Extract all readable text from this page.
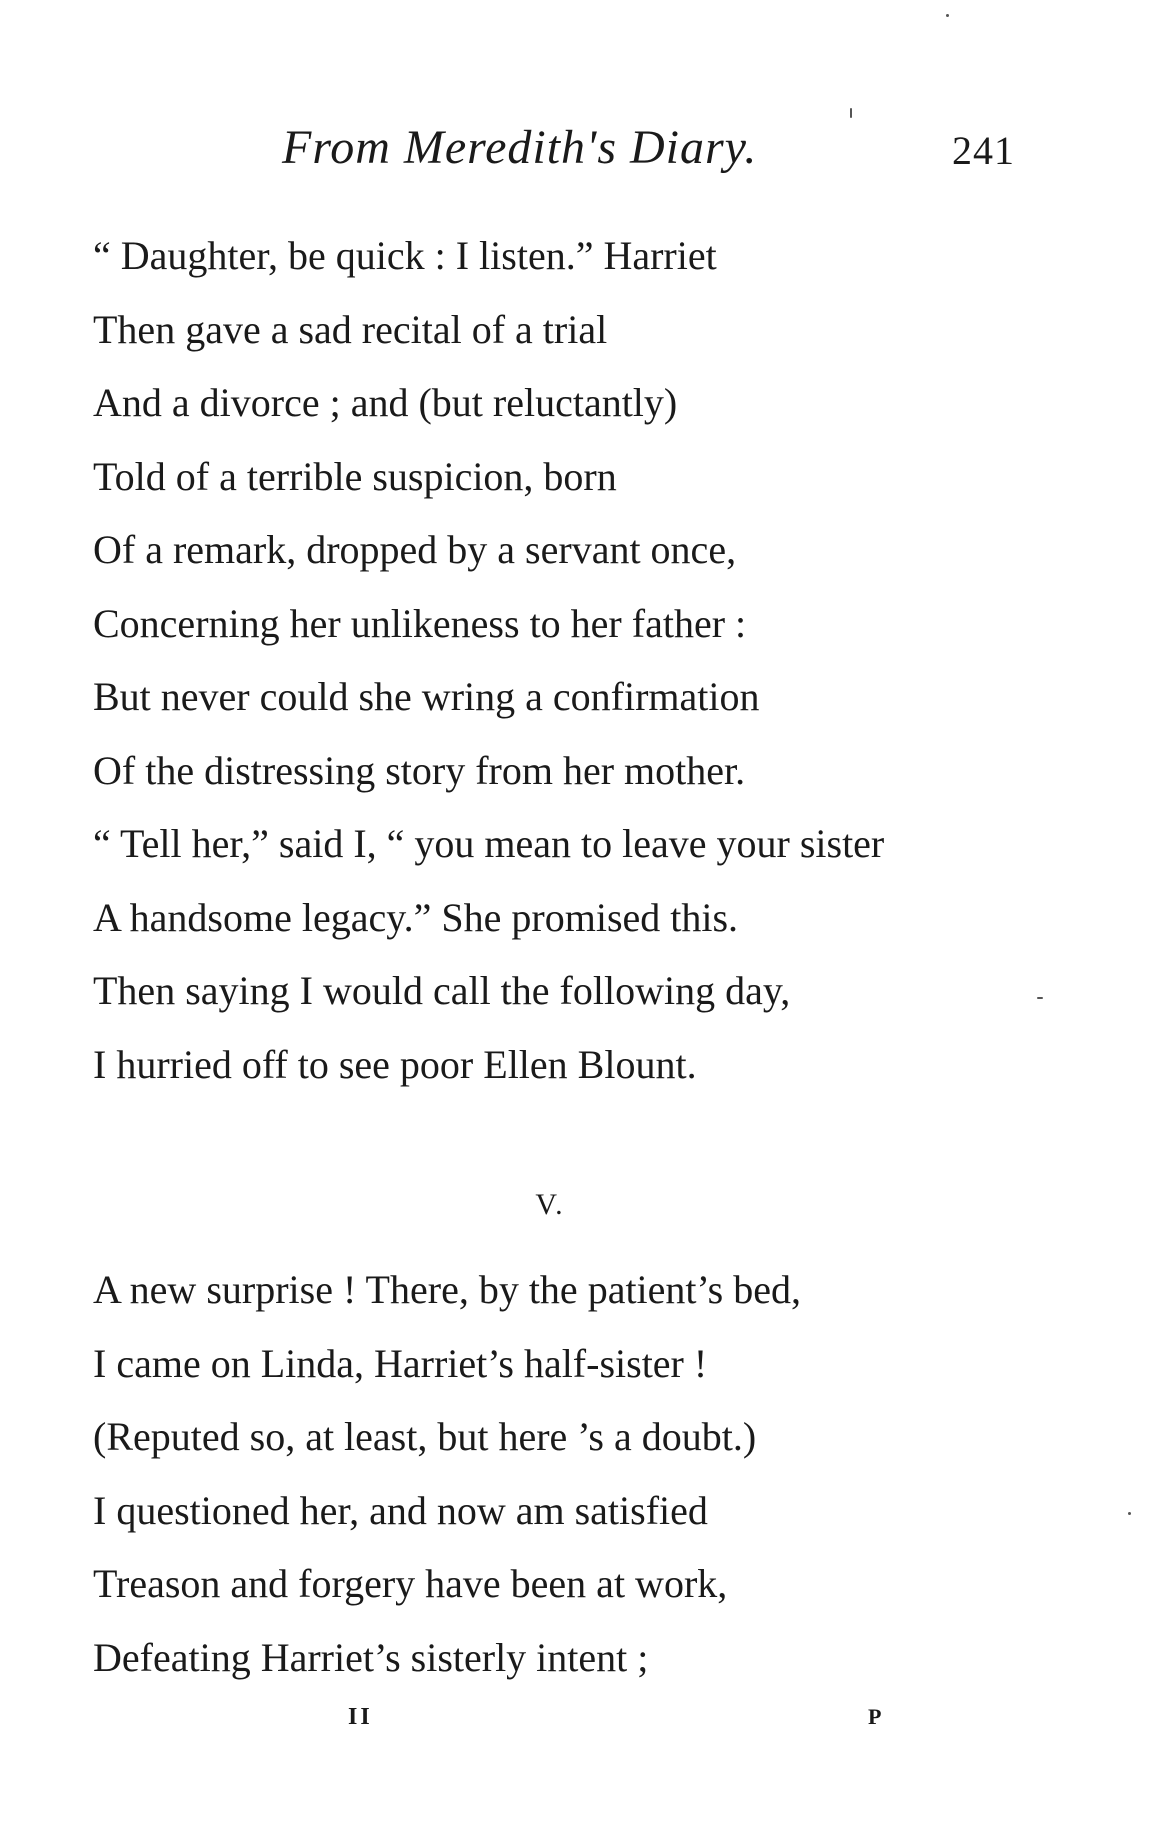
From Meredith's Diary.	241
“ Daughter, be quick : I listen.” Harriet
Then gave a sad recital of a trial
And a divorce ; and (but reluctantly)
Told of a terrible suspicion, born
Of a remark, dropped by a servant once,
Concerning her unlikeness to her father :
But never could she wring a confirmation
Of the distressing story from her mother.
“ Tell her,” said I, “ you mean to leave your sister
A handsome legacy.” She promised this.
Then saying I would call the following day,
I hurried off to see poor Ellen Blount.
V.
A new surprise ! There, by the patient’s bed,
I came on Linda, Harriet’s half-sister !
(Reputed so, at least, but here ’s a doubt.)
I questioned her, and now am satisfied
Treason and forgery have been at work,
Defeating Harriet’s sisterly intent ;
II	P
